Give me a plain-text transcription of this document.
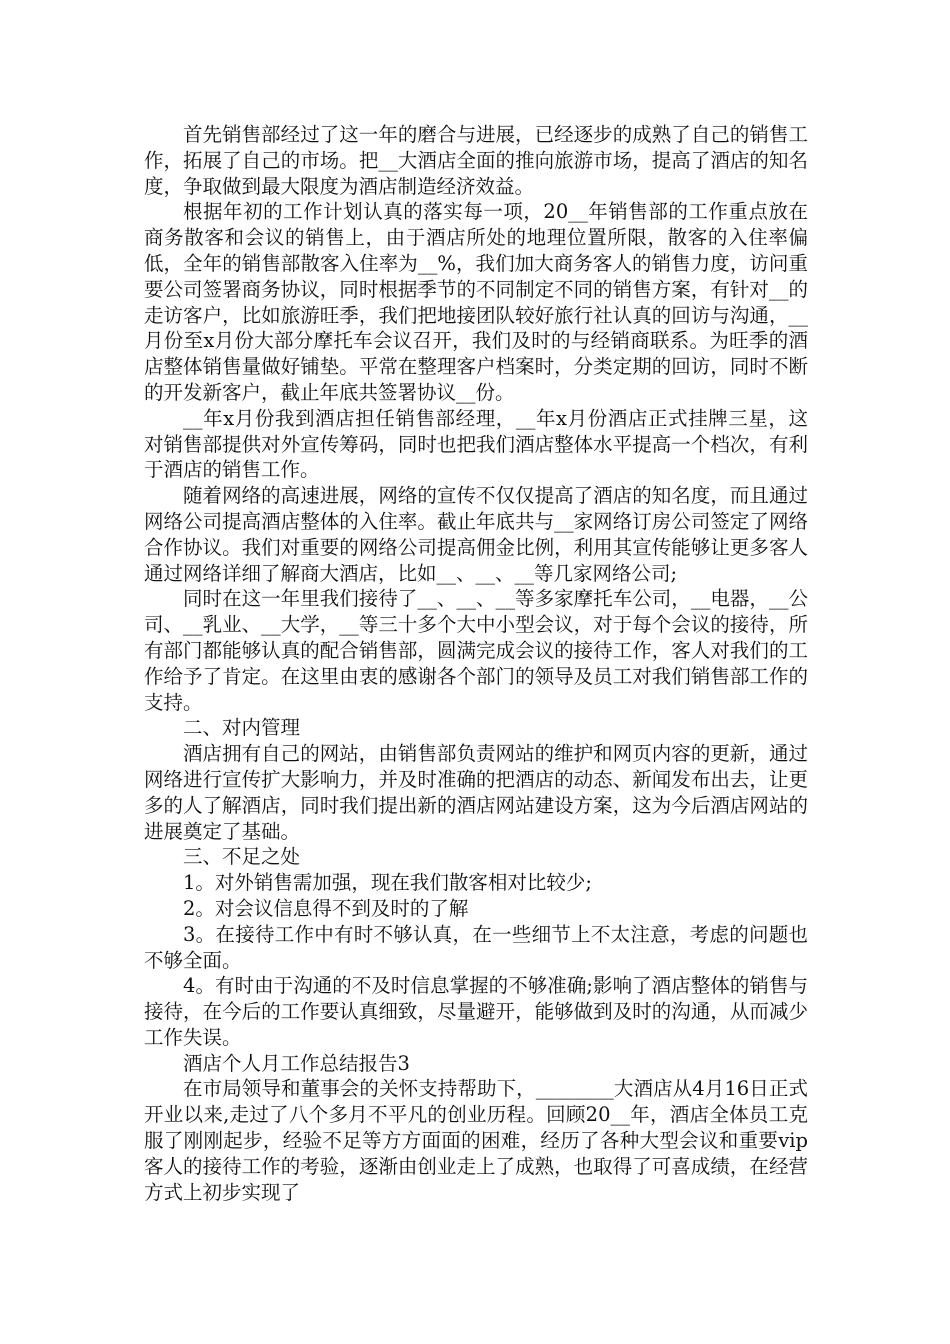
首先销售部经过了这一年的磨合与进展，已经逐步的成熟了自己的销售工作，拓展了自己的市场。把__大酒店全面的推向旅游市场，提高了酒店的知名度，争取做到最大限度为酒店制造经济效益。

根据年初的工作计划认真的落实每一项，20__年销售部的工作重点放在商务散客和会议的销售上，由于酒店所处的地理位置所限，散客的入住率偏低，全年的销售部散客入住率为__%，我们加大商务客人的销售力度，访问重要公司签署商务协议，同时根据季节的不同制定不同的销售方案，有针对__的走访客户，比如旅游旺季，我们把地接团队较好旅行社认真的回访与沟通，__月份至x月份大部分摩托车会议召开，我们及时的与经销商联系。为旺季的酒店整体销售量做好铺垫。平常在整理客户档案时，分类定期的回访，同时不断的开发新客户，截止年底共签署协议__份。

__年x月份我到酒店担任销售部经理，__年x月份酒店正式挂牌三星，这对销售部提供对外宣传筹码，同时也把我们酒店整体水平提高一个档次，有利于酒店的销售工作。

随着网络的高速进展，网络的宣传不仅仅提高了酒店的知名度，而且通过网络公司提高酒店整体的入住率。截止年底共与__家网络订房公司签定了网络合作协议。我们对重要的网络公司提高佣金比例，利用其宣传能够让更多客人通过网络详细了解商大酒店，比如__、__、__等几家网络公司;

同时在这一年里我们接待了__、__、__等多家摩托车公司，__电器，__公司、__乳业、__大学，__等三十多个大中小型会议，对于每个会议的接待，所有部门都能够认真的配合销售部，圆满完成会议的接待工作，客人对我们的工作给予了肯定。在这里由衷的感谢各个部门的领导及员工对我们销售部工作的支持。

二、对内管理

酒店拥有自己的网站，由销售部负责网站的维护和网页内容的更新，通过网络进行宣传扩大影响力，并及时准确的把酒店的动态、新闻发布出去，让更多的人了解酒店，同时我们提出新的酒店网站建设方案，这为今后酒店网站的进展奠定了基础。

三、不足之处

1。对外销售需加强，现在我们散客相对比较少;

2。对会议信息得不到及时的了解

3。在接待工作中有时不够认真，在一些细节上不太注意，考虑的问题也不够全面。

4。有时由于沟通的不及时信息掌握的不够准确;影响了酒店整体的销售与接待，在今后的工作要认真细致，尽量避开，能够做到及时的沟通，从而减少工作失误。

酒店个人月工作总结报告3

在市局领导和董事会的关怀支持帮助下，________大酒店从4月16日正式开业以来,走过了八个多月不平凡的创业历程。回顾20__年，酒店全体员工克服了刚刚起步，经验不足等方方面面的困难，经历了各种大型会议和重要vip客人的接待工作的考验，逐渐由创业走上了成熟，也取得了可喜成绩，在经营方式上初步实现了
